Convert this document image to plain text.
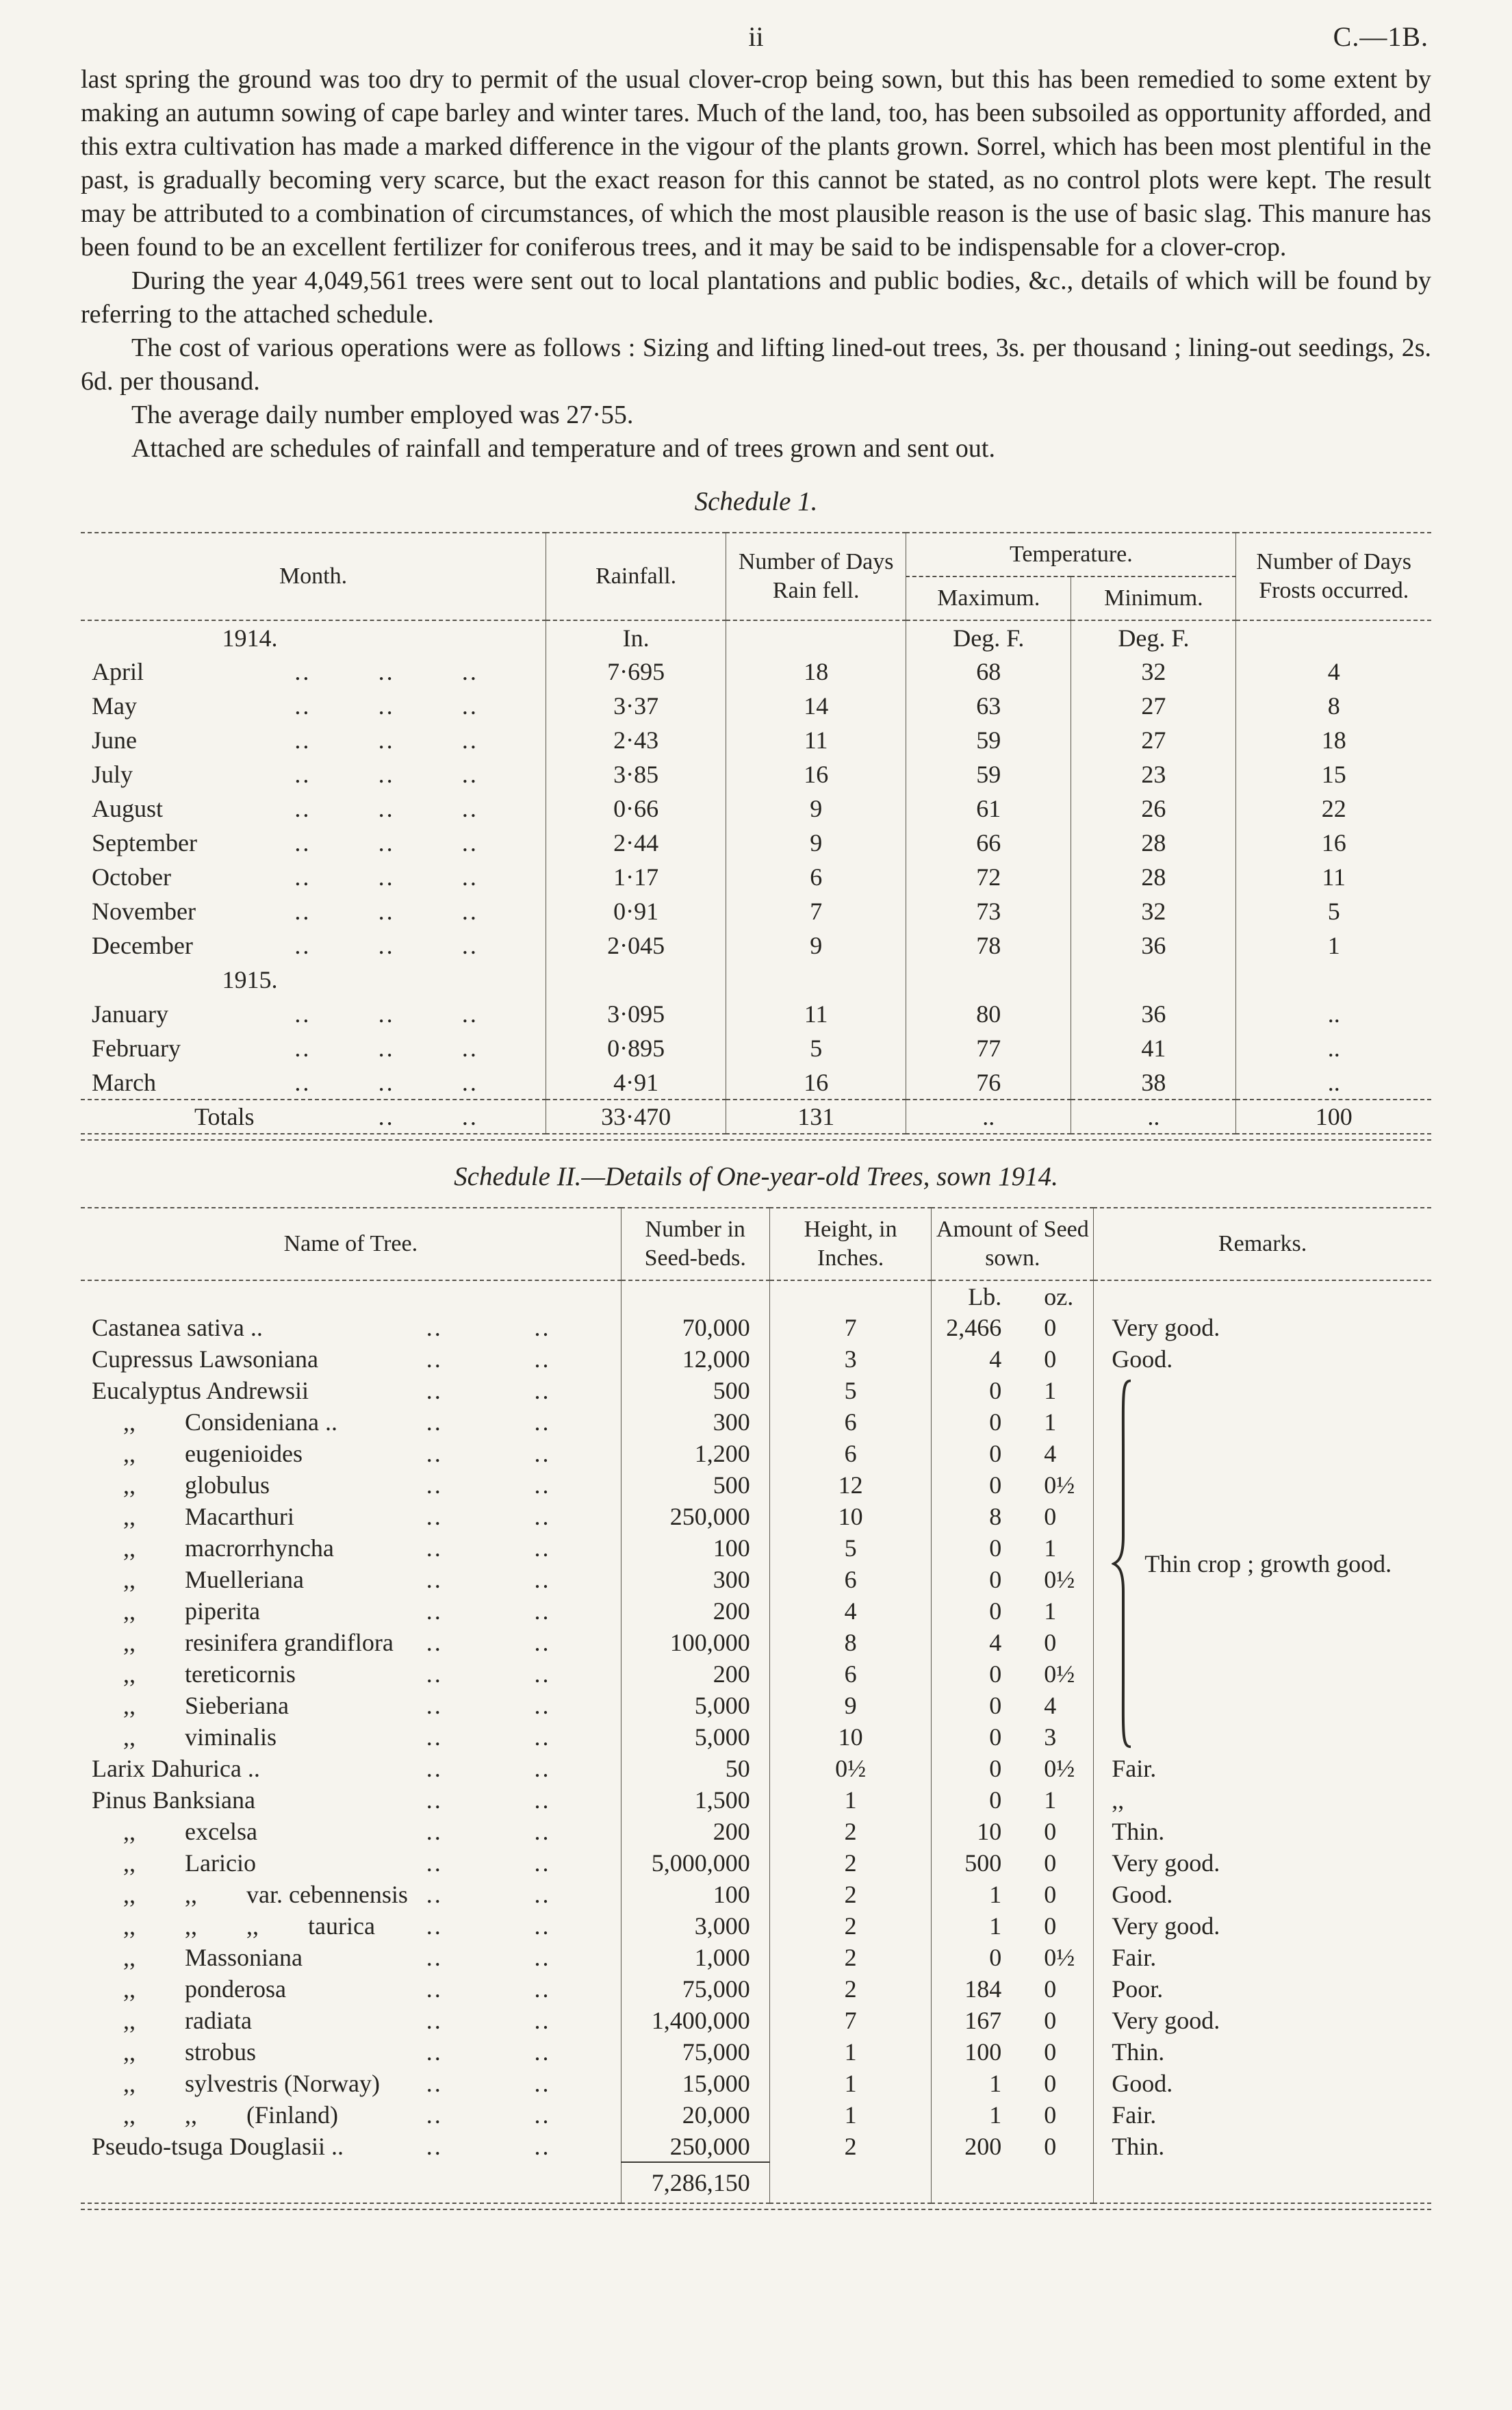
ii	C.—1B.

last spring the ground was too dry to permit of the usual clover-crop being sown, but this has been remedied to some extent by making an autumn sowing of cape barley and winter tares. Much of the land, too, has been subsoiled as opportunity afforded, and this extra cultivation has made a marked difference in the vigour of the plants grown. Sorrel, which has been most plentiful in the past, is gradually becoming very scarce, but the exact reason for this cannot be stated, as no control plots were kept. The result may be attributed to a combination of circumstances, of which the most plausible reason is the use of basic slag. This manure has been found to be an excellent fertilizer for coniferous trees, and it may be said to be indispensable for a clover-crop.

During the year 4,049,561 trees were sent out to local plantations and public bodies, &c., details of which will be found by referring to the attached schedule.

The cost of various operations were as follows : Sizing and lifting lined-out trees, 3s. per thousand ; lining-out seedings, 2s. 6d. per thousand.

The average daily number employed was 27·55.

Attached are schedules of rainfall and temperature and of trees grown and sent out.

Schedule 1.
Month.	Rainfall.	Number of Days Rain fell.	Temperature.		Number of Days Frosts occurred.
			Maximum.	Minimum.	
1914.	In.		Deg. F.	Deg. F.	
April .. .. ..	7·695	18	68	32	4
May .. .. ..	3·37	14	63	27	8
June .. .. ..	2·43	11	59	27	18
July .. .. ..	3·85	16	59	23	15
August .. .. ..	0·66	9	61	26	22
September .. .. ..	2·44	9	66	28	16
October .. .. ..	1·17	6	72	28	11
November .. .. ..	0·91	7	73	32	5
December .. .. ..	2·045	9	78	36	1
1915.					
January .. .. ..	3·095	11	80	36	..
February .. .. ..	0·895	5	77	41	..
March .. .. ..	4·91	16	76	38	..
Totals .. ..	33·470	131	..	..	100
Schedule II.—Details of One-year-old Trees, sown 1914.
Name of Tree.	Number in Seed-beds.	Height, in Inches.	Amount of Seed sown.	Remarks.

			Lb. oz.	

Castanea sativa .. .. ..	70,000	7	2,466 0	Very good.
Cupressus Lawsoniana .. ..	12,000	3	4 0	Good.
Eucalyptus Andrewsii .. ..	500	5	0 1	Thin crop ; growth good.

,, Consideniana .. .. ..	300	6	0 1	

,, eugenioides .. ..	1,200	6	0 4	

,, globulus .. ..	500	12	0 0½	

,, Macarthuri .. ..	250,000	10	8 0	

,, macrorrhyncha .. ..	100	5	0 1	

,, Muelleriana .. ..	300	6	0 0½	

,, piperita .. ..	200	4	0 1	

,, resinifera grandiflora .. ..	100,000	8	4 0	

,, tereticornis .. ..	200	6	0 0½	

,, Sieberiana .. ..	5,000	9	0 4	

,, viminalis .. ..	5,000	10	0 3	

Larix Dahurica .. .. ..	50	0½	0 0½	Fair.
Pinus Banksiana .. ..	1,500	1	0 1	,,
,, excelsa .. ..	200	2	10 0	Thin.
,, Laricio .. ..	5,000,000	2	500 0	Very good.
,, ,, var. cebennensis .. ..	100	2	1 0	Good.
,, ,, ,, taurica .. ..	3,000	2	1 0	Very good.
,, Massoniana .. ..	1,000	2	0 0½	Fair.
,, ponderosa .. ..	75,000	2	184 0	Poor.
,, radiata .. ..	1,400,000	7	167 0	Very good.
,, strobus .. ..	75,000	1	100 0	Thin.
,, sylvestris (Norway) .. ..	15,000	1	1 0	Good.
,, ,, (Finland) .. ..	20,000	1	1 0	Fair.
Pseudo-tsuga Douglasii .. .. ..	250,000	2	200 0	Thin.
	7,286,150			
